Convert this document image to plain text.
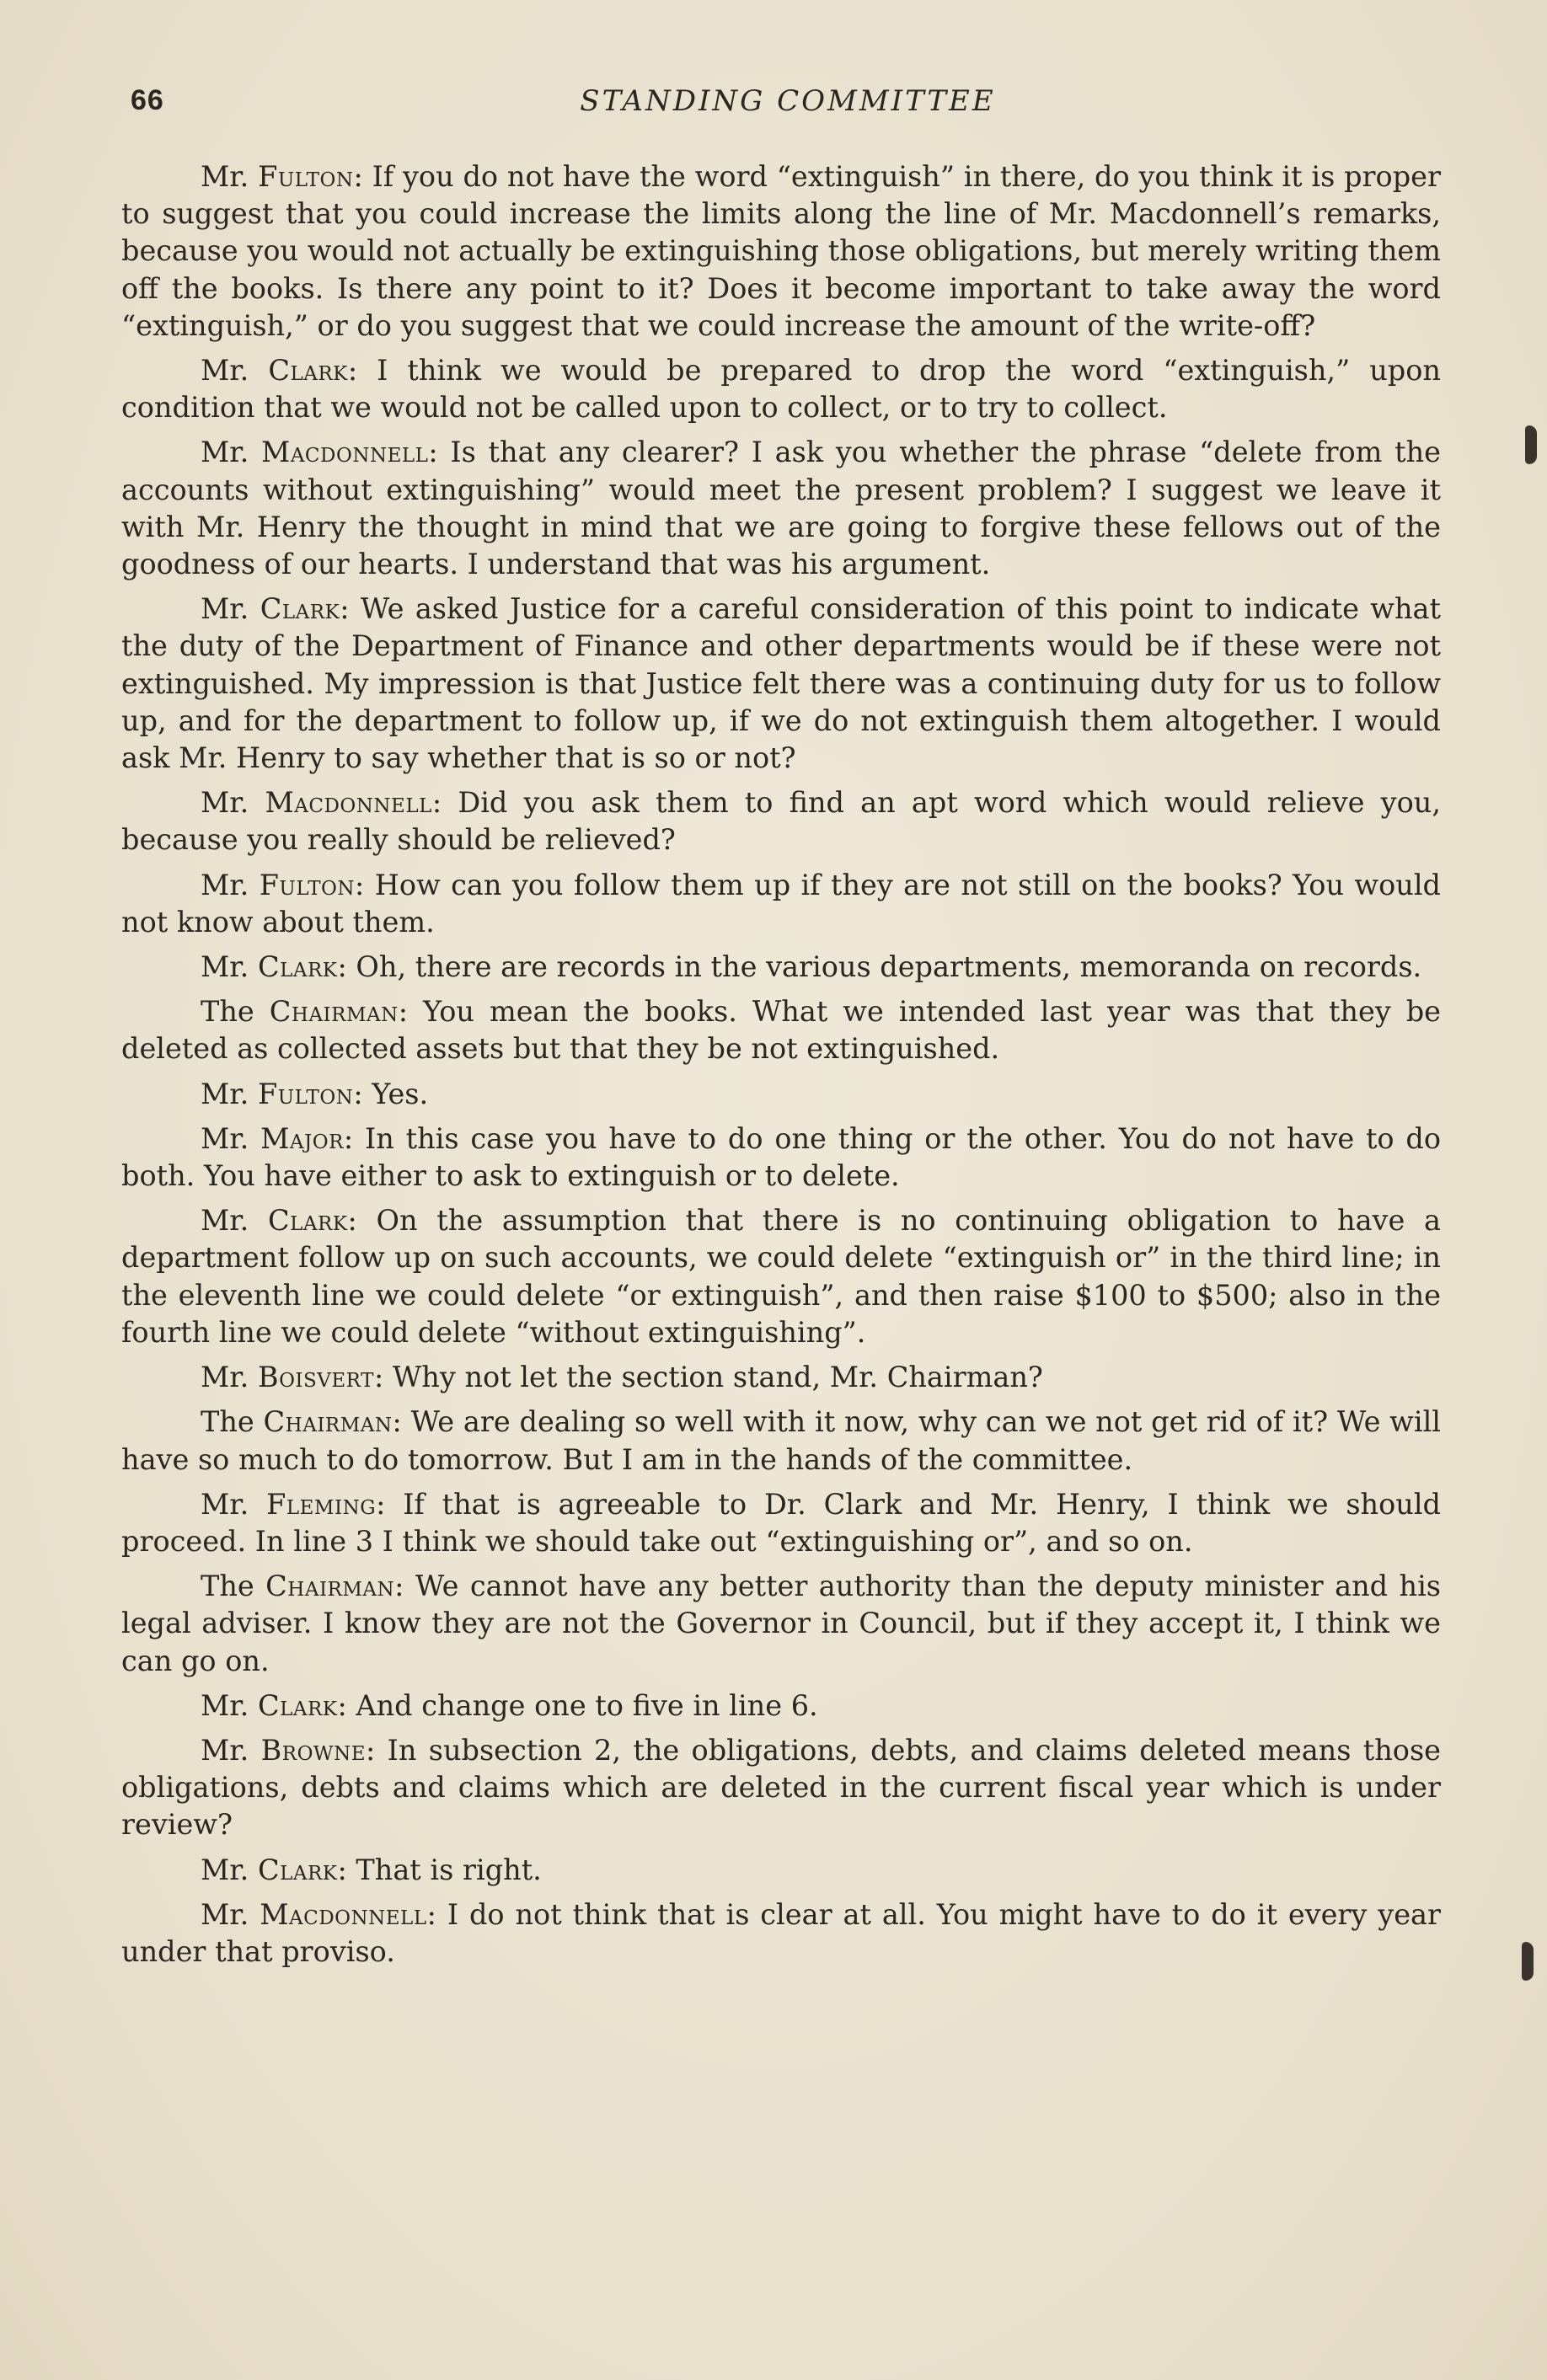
66	STANDING COMMITTEE

Mr. Fulton: If you do not have the word “extinguish” in there, do you think it is proper to suggest that you could increase the limits along the line of Mr. Macdonnell’s remarks, because you would not actually be extinguishing those obligations, but merely writing them off the books. Is there any point to it? Does it become important to take away the word “extinguish,” or do you suggest that we could increase the amount of the write-off?

Mr. Clark: I think we would be prepared to drop the word “extinguish,” upon condition that we would not be called upon to collect, or to try to collect.

Mr. Macdonnell: Is that any clearer? I ask you whether the phrase “delete from the accounts without extinguishing” would meet the present problem? I suggest we leave it with Mr. Henry the thought in mind that we are going to forgive these fellows out of the goodness of our hearts. I understand that was his argument.

Mr. Clark: We asked Justice for a careful consideration of this point to indicate what the duty of the Department of Finance and other departments would be if these were not extinguished. My impression is that Justice felt there was a continuing duty for us to follow up, and for the department to follow up, if we do not extinguish them altogether. I would ask Mr. Henry to say whether that is so or not?

Mr. Macdonnell: Did you ask them to find an apt word which would relieve you, because you really should be relieved?

Mr. Fulton: How can you follow them up if they are not still on the books? You would not know about them.

Mr. Clark: Oh, there are records in the various departments, memoranda on records.

The Chairman: You mean the books. What we intended last year was that they be deleted as collected assets but that they be not extinguished.

Mr. Fulton: Yes.

Mr. Major: In this case you have to do one thing or the other. You do not have to do both. You have either to ask to extinguish or to delete.

Mr. Clark: On the assumption that there is no continuing obligation to have a department follow up on such accounts, we could delete “extinguish or” in the third line; in the eleventh line we could delete “or extinguish”, and then raise $100 to $500; also in the fourth line we could delete “without extinguishing”.

Mr. Boisvert: Why not let the section stand, Mr. Chairman?

The Chairman: We are dealing so well with it now, why can we not get rid of it? We will have so much to do tomorrow. But I am in the hands of the committee.

Mr. Fleming: If that is agreeable to Dr. Clark and Mr. Henry, I think we should proceed. In line 3 I think we should take out “extinguishing or”, and so on.

The Chairman: We cannot have any better authority than the deputy minister and his legal adviser. I know they are not the Governor in Council, but if they accept it, I think we can go on.

Mr. Clark: And change one to five in line 6.

Mr. Browne: In subsection 2, the obligations, debts, and claims deleted means those obligations, debts and claims which are deleted in the current fiscal year which is under review?

Mr. Clark: That is right.

Mr. Macdonnell: I do not think that is clear at all. You might have to do it every year under that proviso.
